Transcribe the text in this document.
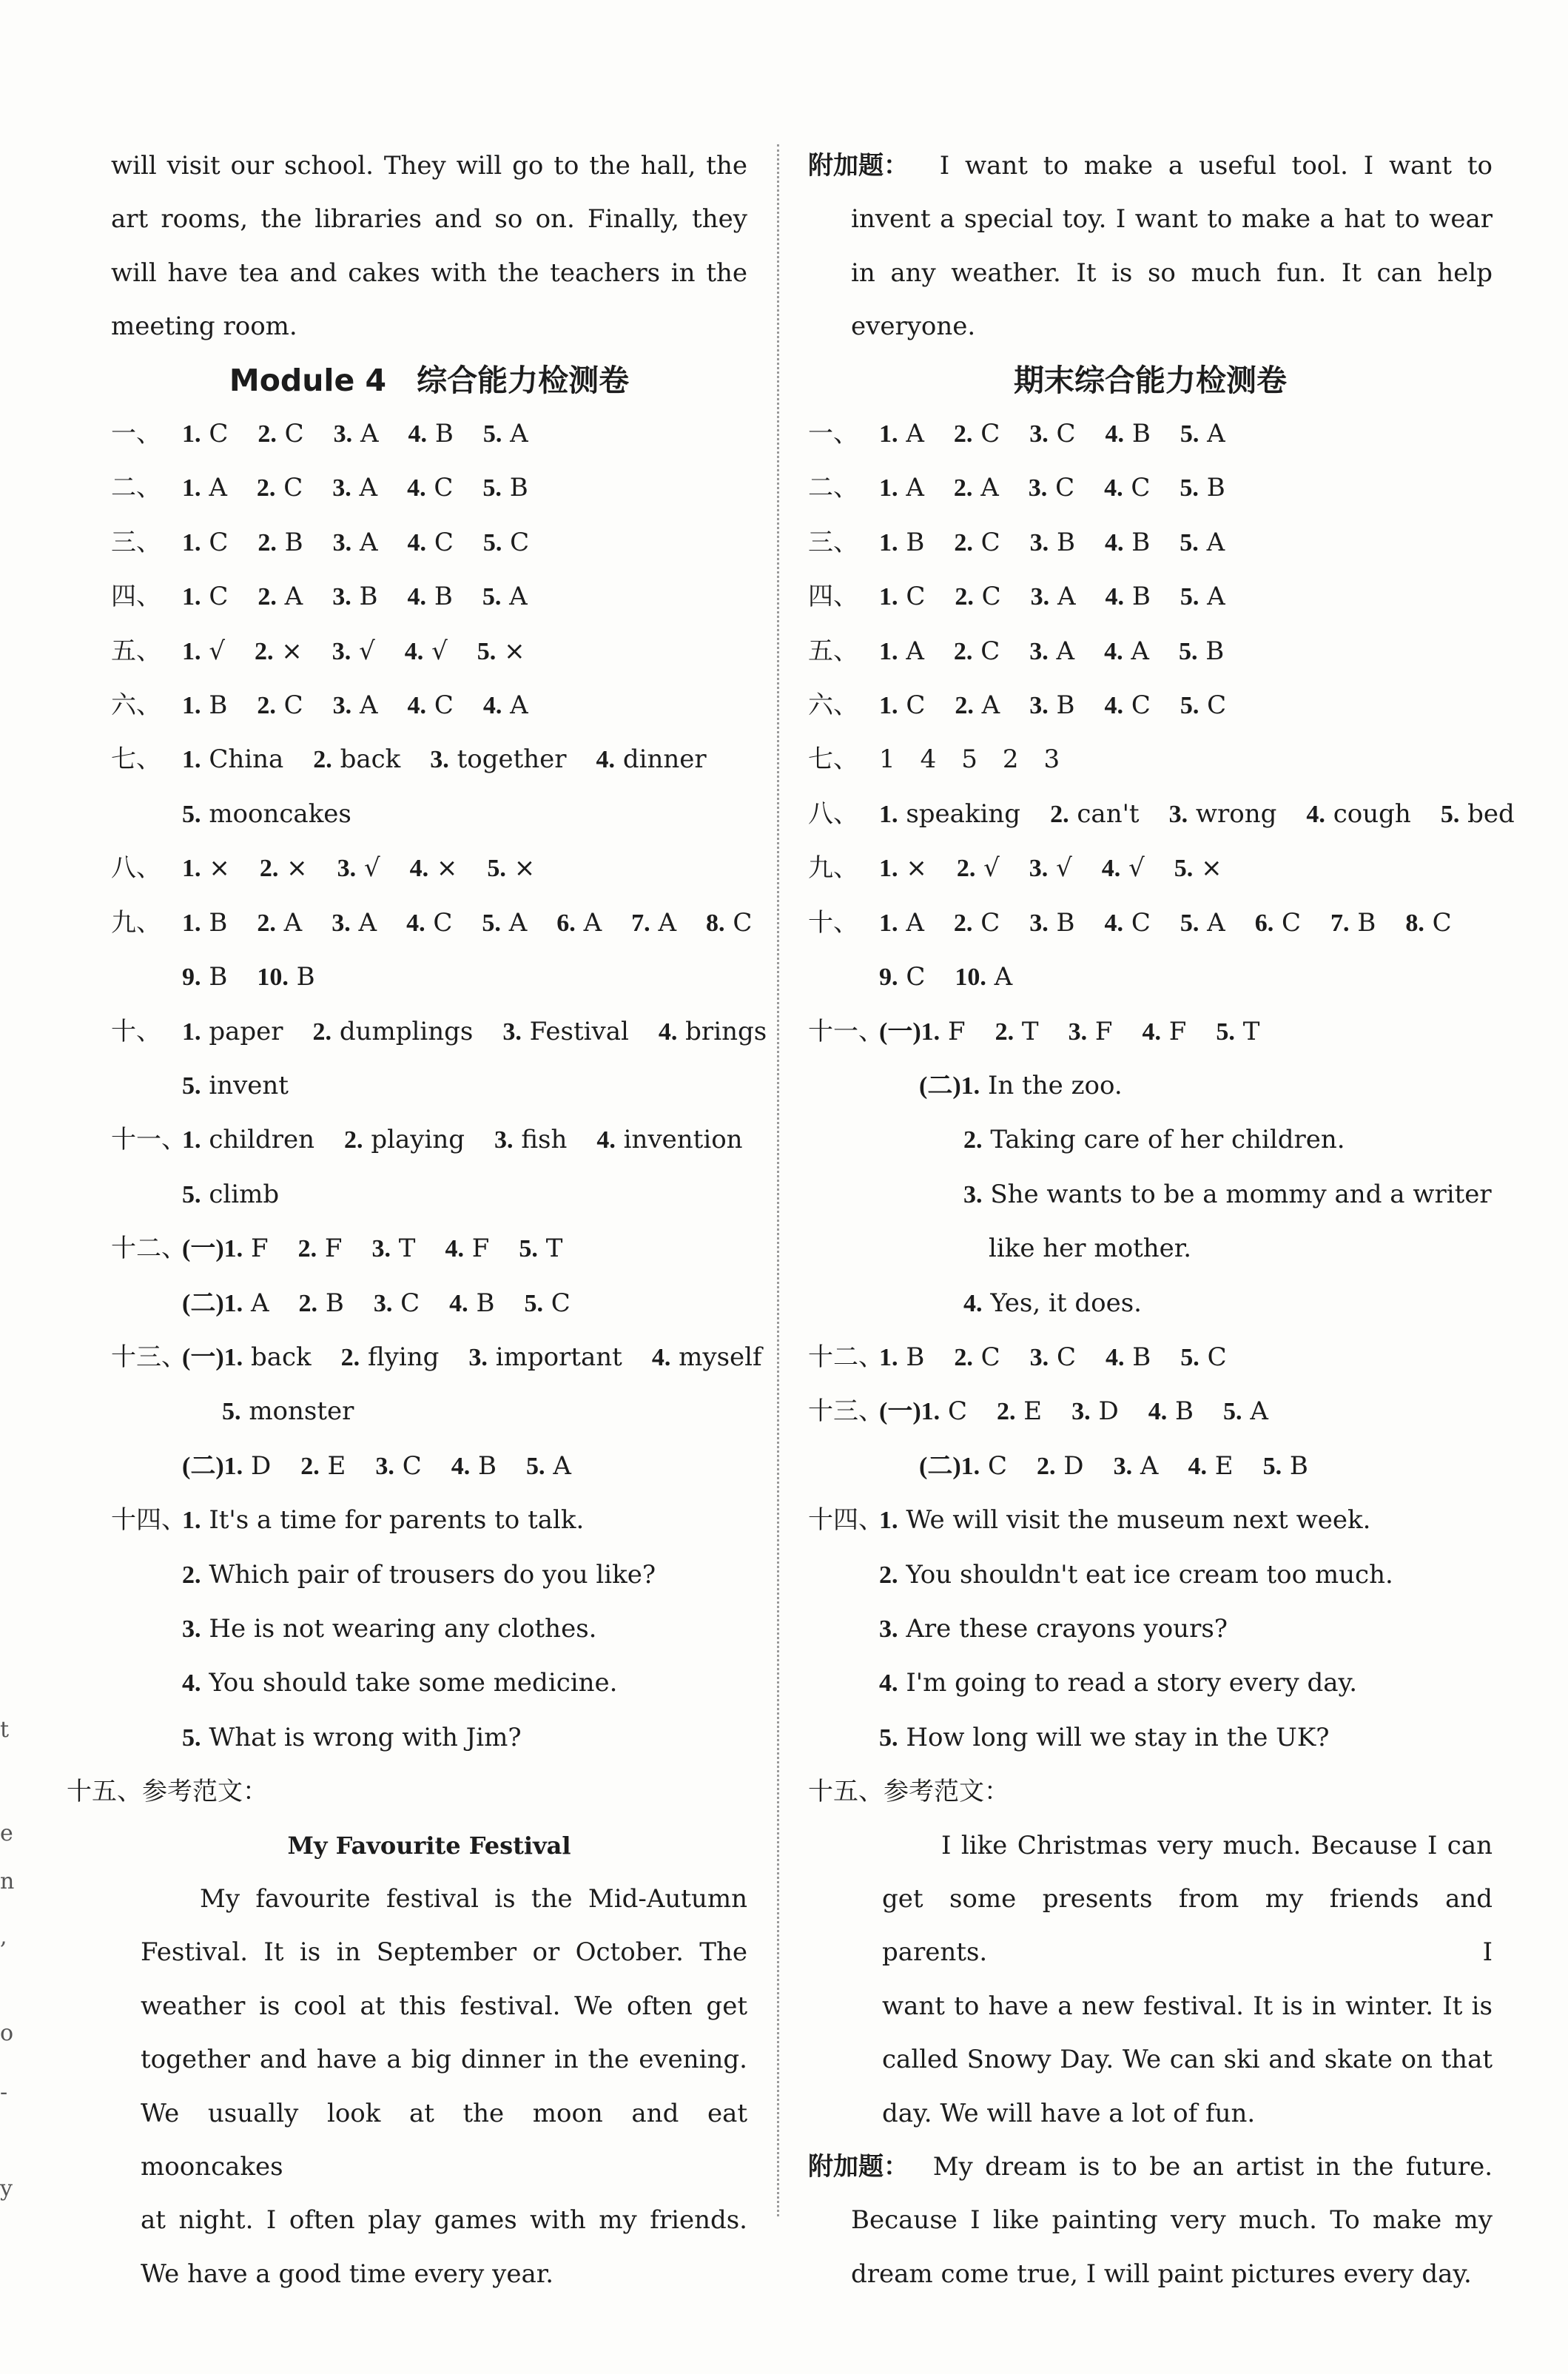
will visit our school. They will go to the hall, the
art rooms, the libraries and so on. Finally, they
will have tea and cakes with the teachers in the
meeting room.
Module 4　综合能力检测卷
一、 1. C 2. C 3. A 4. B 5. A
二、 1. A 2. C 3. A 4. C 5. B
三、 1. C 2. B 3. A 4. C 5. C
四、 1. C 2. A 3. B 4. B 5. A
五、 1. √ 2. × 3. √ 4. √ 5. ×
六、 1. B 2. C 3. A 4. C 4. A
七、 1. China 2. back 3. together 4. dinner
5. mooncakes
八、 1. × 2. × 3. √ 4. × 5. ×
九、 1. B 2. A 3. A 4. C 5. A 6. A 7. A 8. C
9. B 10. B
十、 1. paper 2. dumplings 3. Festival 4. brings
5. invent
十一、1. children 2. playing 3. fish 4. invention
5. climb
十二、(一)1. F 2. F 3. T 4. F 5. T
(二)1. A 2. B 3. C 4. B 5. C
十三、(一)1. back 2. flying 3. important 4. myself
5. monster
(二)1. D 2. E 3. C 4. B 5. A
十四、1. It's a time for parents to talk.
2. Which pair of trousers do you like?
3. He is not wearing any clothes.
4. You should take some medicine.
5. What is wrong with Jim?
十五、参考范文：
My Favourite Festival
My favourite festival is the Mid-Autumn
Festival. It is in September or October. The
weather is cool at this festival. We often get
together and have a big dinner in the evening.
We usually look at the moon and eat mooncakes
at night. I often play games with my friends.
We have a good time every year.
附加题： I want to make a useful tool. I want to
invent a special toy. I want to make a hat to wear
in any weather. It is so much fun. It can help
everyone.
期末综合能力检测卷
一、 1. A 2. C 3. C 4. B 5. A
二、 1. A 2. A 3. C 4. C 5. B
三、 1. B 2. C 3. B 4. B 5. A
四、 1. C 2. C 3. A 4. B 5. A
五、 1. A 2. C 3. A 4. A 5. B
六、 1. C 2. A 3. B 4. C 5. C
七、 1　4　5　2　3
八、 1. speaking 2. can't 3. wrong 4. cough 5. bed
九、 1. × 2. √ 3. √ 4. √ 5. ×
十、 1. A 2. C 3. B 4. C 5. A 6. C 7. B 8. C
9. C 10. A
十一、(一)1. F 2. T 3. F 4. F 5. T
(二)1. In the zoo.
2. Taking care of her children.
3. She wants to be a mommy and a writer
　like her mother.
4. Yes, it does.
十二、1. B 2. C 3. C 4. B 5. C
十三、(一)1. C 2. E 3. D 4. B 5. A
(二)1. C 2. D 3. A 4. E 5. B
十四、1. We will visit the museum next week.
2. You shouldn't eat ice cream too much.
3. Are these crayons yours?
4. I'm going to read a story every day.
5. How long will we stay in the UK?
十五、参考范文：
I like Christmas very much. Because I can
get some presents from my friends and parents. I
want to have a new festival. It is in winter. It is
called Snowy Day. We can ski and skate on that
day. We will have a lot of fun.
附加题： My dream is to be an artist in the future.
Because I like painting very much. To make my
dream come true, I will paint pictures every day.
t
e
n
,
o
-
y
